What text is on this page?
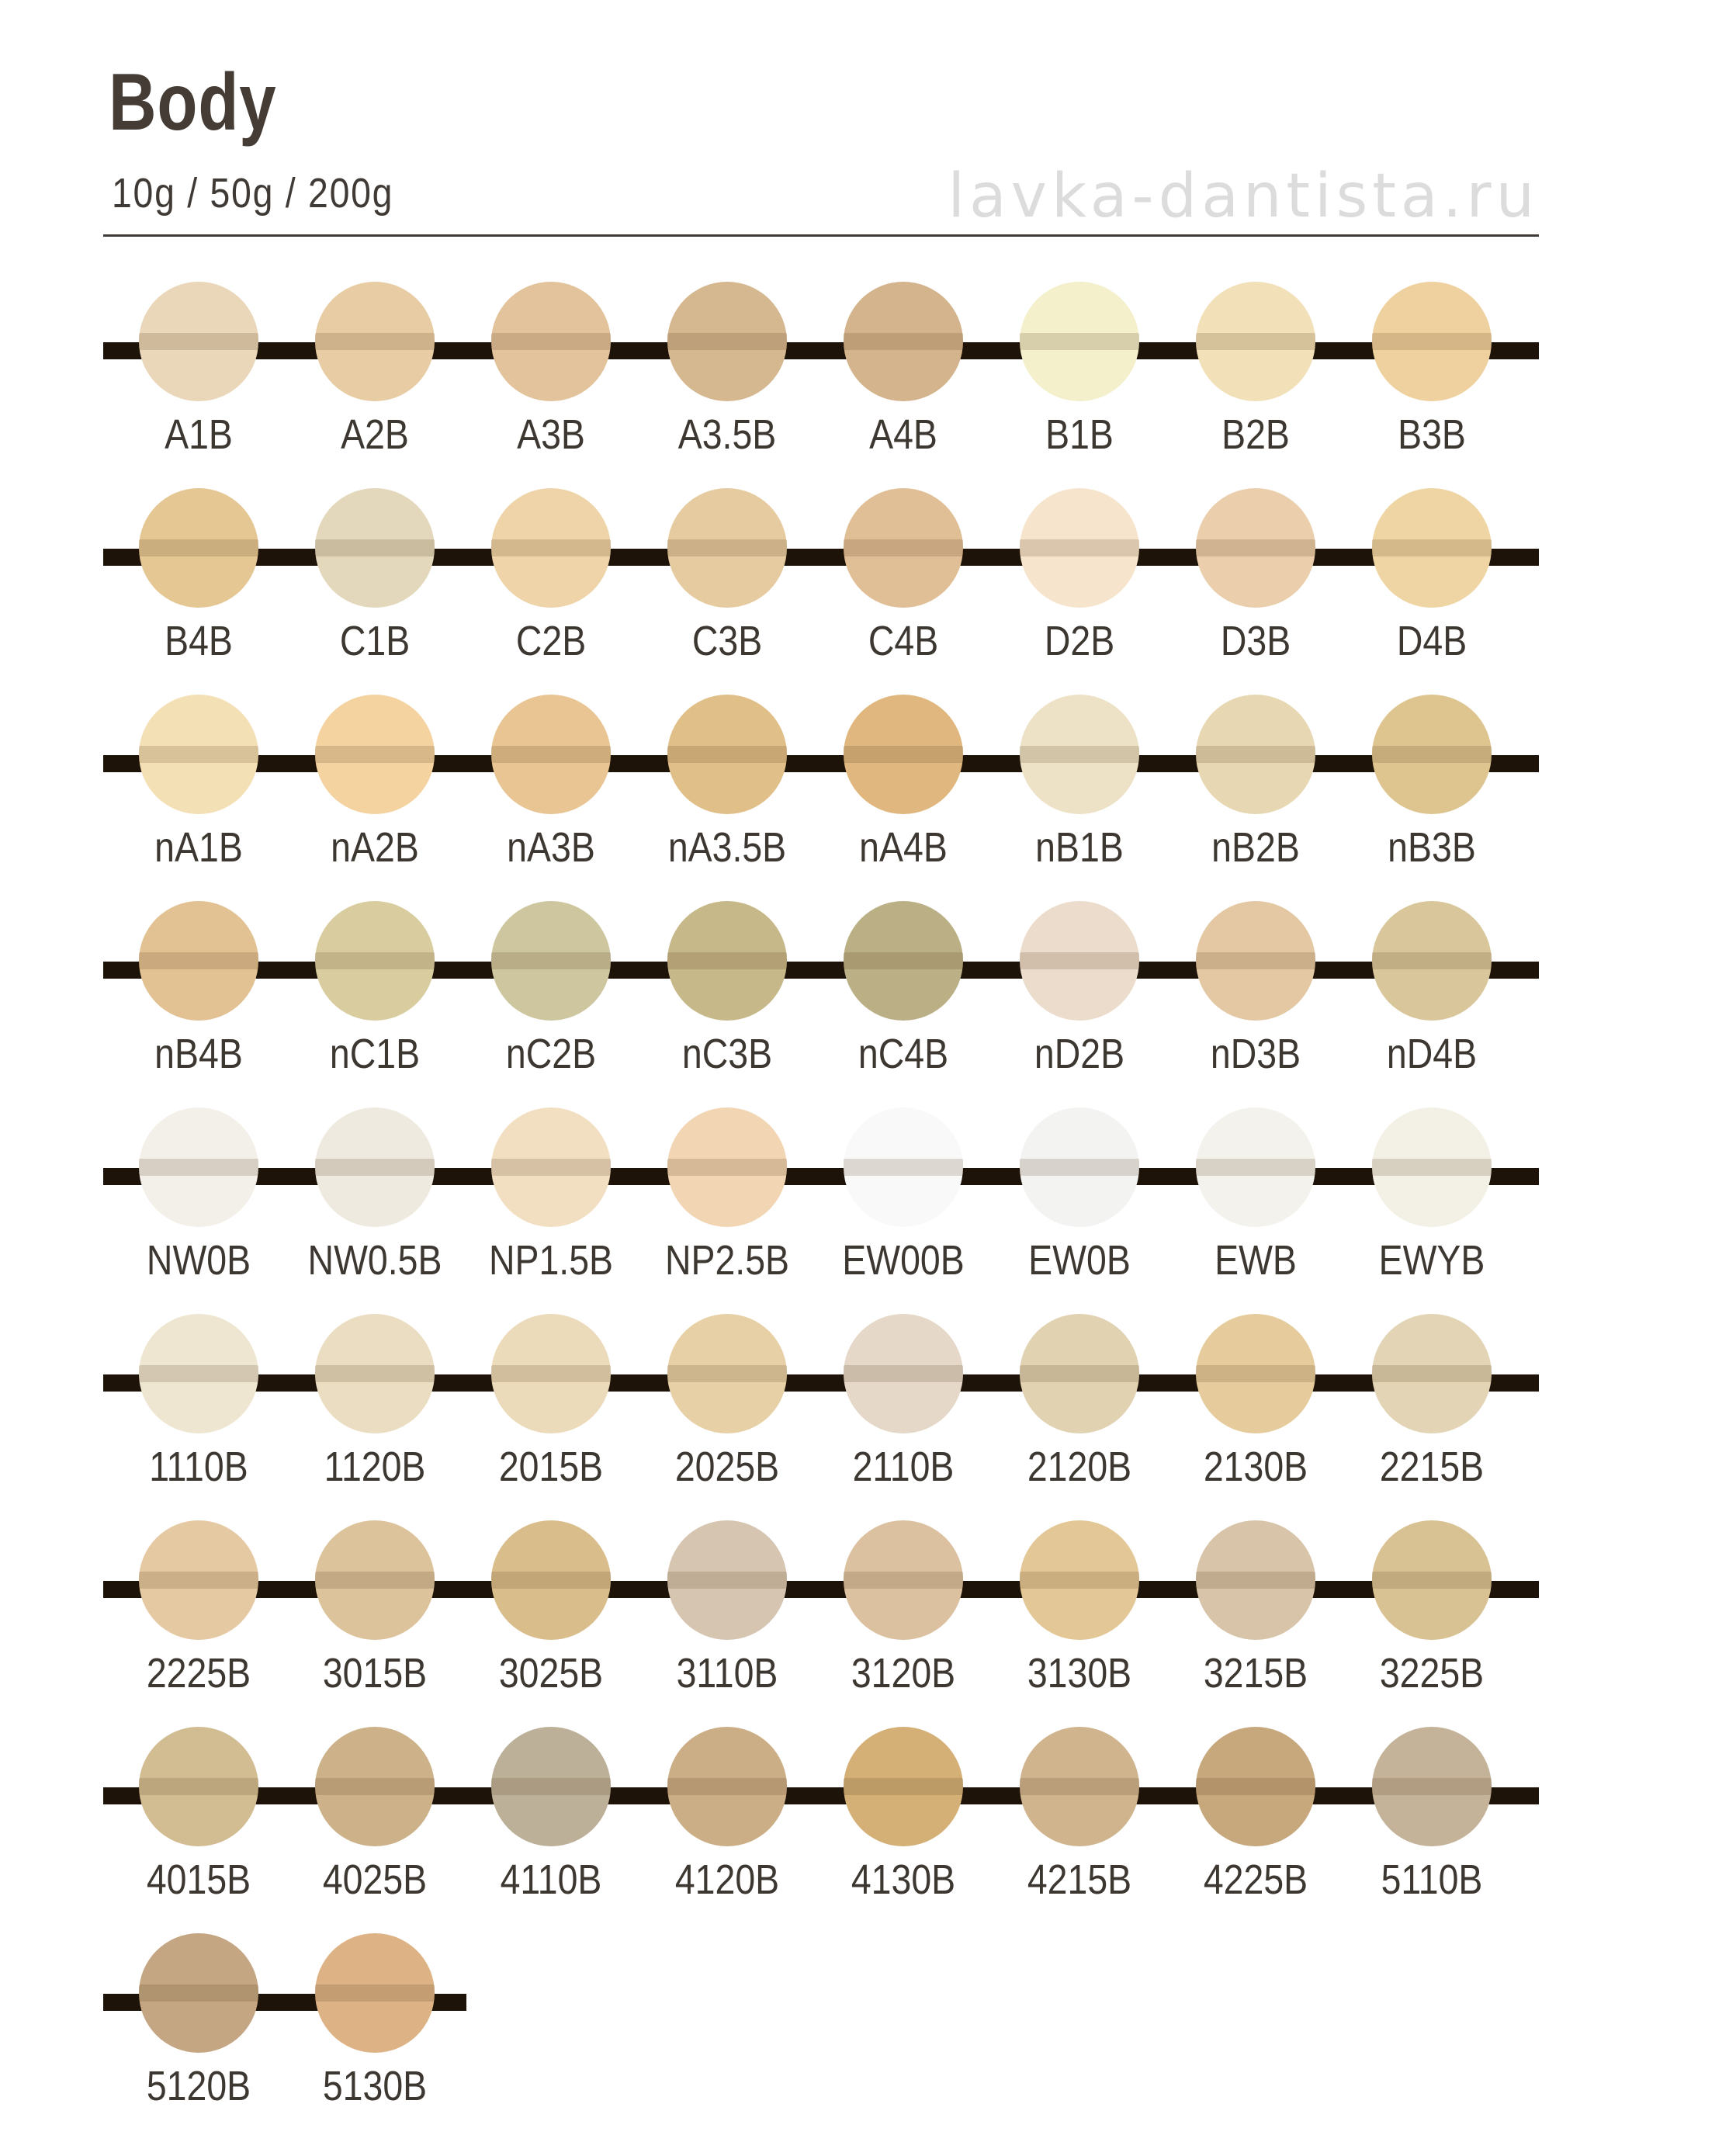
Body
10g / 50g / 200g	lavka-dantista.ru
A1B	A2B	A3B	A3.5B	A4B	B1B	B2B	B3B
B4B	C1B	C2B	C3B	C4B	D2B	D3B	D4B
nA1B	nA2B	nA3B	nA3.5B	nA4B	nB1B	nB2B	nB3B
nB4B	nC1B	nC2B	nC3B	nC4B	nD2B	nD3B	nD4B
NW0B	NW0.5B	NP1.5B	NP2.5B	EW00B	EW0B	EWB	EWYB
1110B	1120B	2015B	2025B	2110B	2120B	2130B	2215B
2225B	3015B	3025B	3110B	3120B	3130B	3215B	3225B
4015B	4025B	4110B	4120B	4130B	4215B	4225B	5110B
5120B	5130B
